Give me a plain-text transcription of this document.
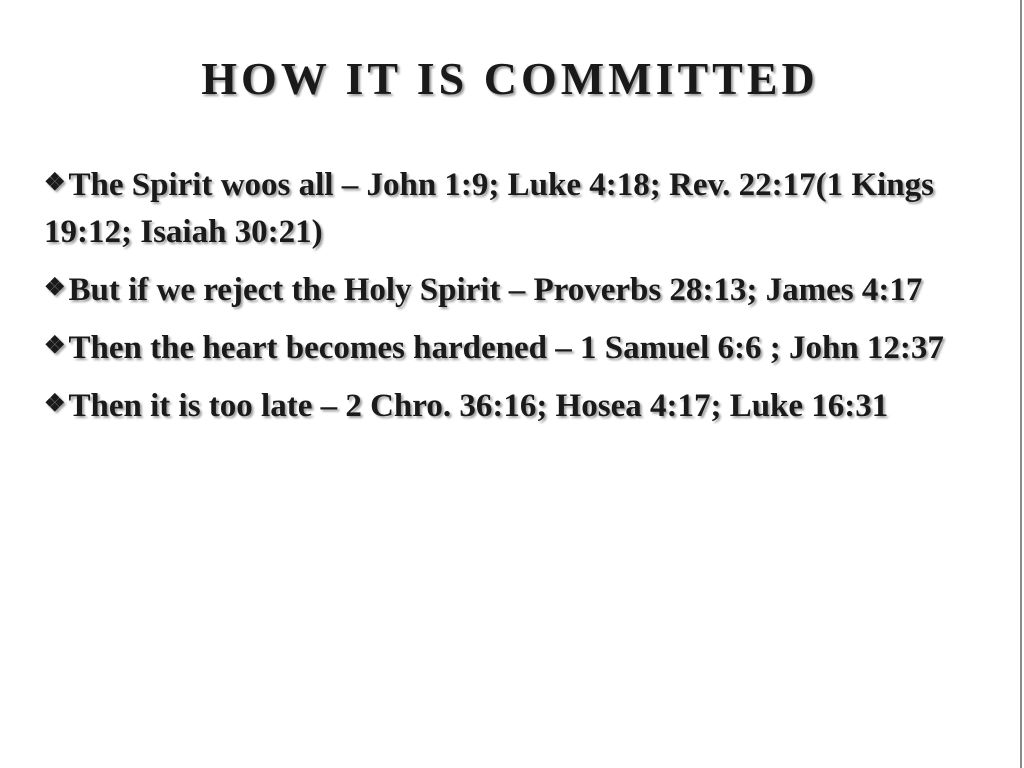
HOW IT IS COMMITTED
❖The Spirit woos all – John 1:9; Luke 4:18; Rev. 22:17(1 Kings 19:12; Isaiah 30:21)
❖But if we reject the Holy Spirit – Proverbs 28:13; James 4:17
❖Then the heart becomes hardened – 1 Samuel 6:6 ; John 12:37
❖Then it is too late – 2 Chro. 36:16; Hosea 4:17; Luke 16:31
